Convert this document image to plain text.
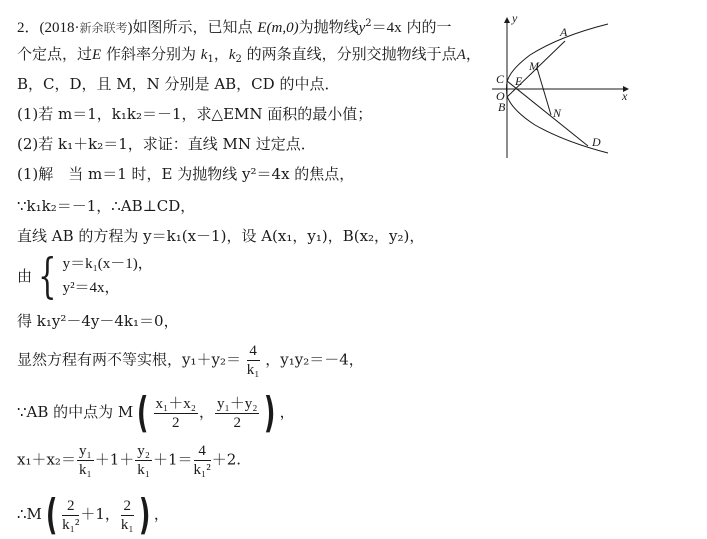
2．(2018·新余联考)如图所示，已知点 E(m,0)为抛物线$y^2=4x$ 内的一
个定点，过E 作斜率分别为 $k_1$，$k_2$ 的两条直线，分别交抛物线于点A，
B，C，D，且 M，N 分别是 AB，CD 的中点．
(1)若 m＝1，k₁k₂＝－1，求△EMN 面积的最小值；
(2)若 k₁＋k₂＝1，求证：直线 MN 过定点．
(1)解　当 m＝1 时，E 为抛物线 y²＝4x 的焦点，
∵k₁k₂＝－1，∴AB⊥CD，
直线 AB 的方程为 y＝k₁(x－1)，设 A(x₁，y₁)，B(x₂，y₂)，
由 { y＝k₁(x－1)，
y²＝4x，
得 k₁y²－4y－4k₁＝0，
显然方程有两不等实根，$y_1+y_2= \frac{4}{\text{k₁}}$ ，y₁y₂＝－4，
∵AB 的中点为 $M( \frac{\text{x₁＋x₂}}{2}$ ， $\frac{\text{y₁＋y₂}}{2}$ ) ，
$x_1+x_2= \frac{\text{y₁}}{\text{k₁}} +1+ \frac{\text{y₂}}{\text{k₁}} +1= \frac{4}{\text{k₁²}} +2$.
∴M( $\frac{2}{\text{k₁²}} +1$， $\frac{2}{\text{k₁}}$ ) ，
y
x
A
M
C E
O
B	N
D
